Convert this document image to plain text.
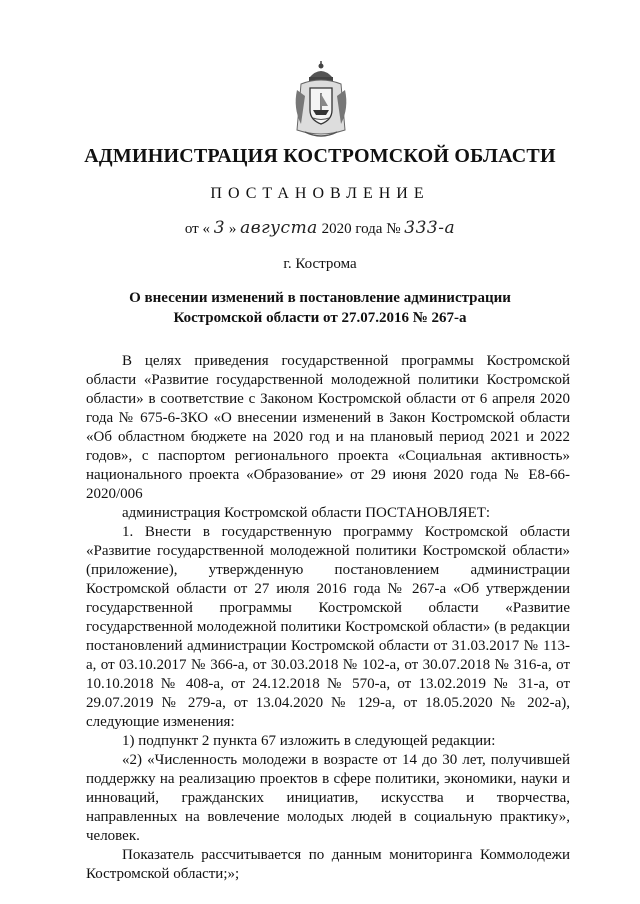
АДМИНИСТРАЦИЯ КОСТРОМСКОЙ ОБЛАСТИ
ПОСТАНОВЛЕНИЕ
от « 3 » августа 2020 года № 333-а
г. Кострома
О внесении изменений в постановление администрации
Костромской области от 27.07.2016 № 267-а

В целях приведения государственной программы Костромской области «Развитие государственной молодежной политики Костромской области» в соответствие с Законом Костромской области от 6 апреля 2020 года № 675-6-ЗКО «О внесении изменений в Закон Костромской области «Об областном бюджете на 2020 год и на плановый период 2021 и 2022 годов», с паспортом регионального проекта «Социальная активность» национального проекта «Образование» от 29 июня 2020 года № Е8-66-2020/006

администрация Костромской области ПОСТАНОВЛЯЕТ:

1. Внести в государственную программу Костромской области «Развитие государственной молодежной политики Костромской области» (приложение), утвержденную постановлением администрации Костромской области от 27 июля 2016 года № 267-а «Об утверждении государственной программы Костромской области «Развитие государственной молодежной политики Костромской области» (в редакции постановлений администрации Костромской области от 31.03.2017 № 113-а, от 03.10.2017 № 366-а, от 30.03.2018 № 102-а, от 30.07.2018 № 316-а, от 10.10.2018 № 408-а, от 24.12.2018 № 570-а, от 13.02.2019 № 31-а, от 29.07.2019 № 279-а, от 13.04.2020 № 129-а, от 18.05.2020 № 202-а), следующие изменения:

1) подпункт 2 пункта 67 изложить в следующей редакции:

«2) «Численность молодежи в возрасте от 14 до 30 лет, получившей поддержку на реализацию проектов в сфере политики, экономики, науки и инноваций, гражданских инициатив, искусства и творчества, направленных на вовлечение молодых людей в социальную практику», человек.

Показатель рассчитывается по данным мониторинга Коммолодежи Костромской области;»;
